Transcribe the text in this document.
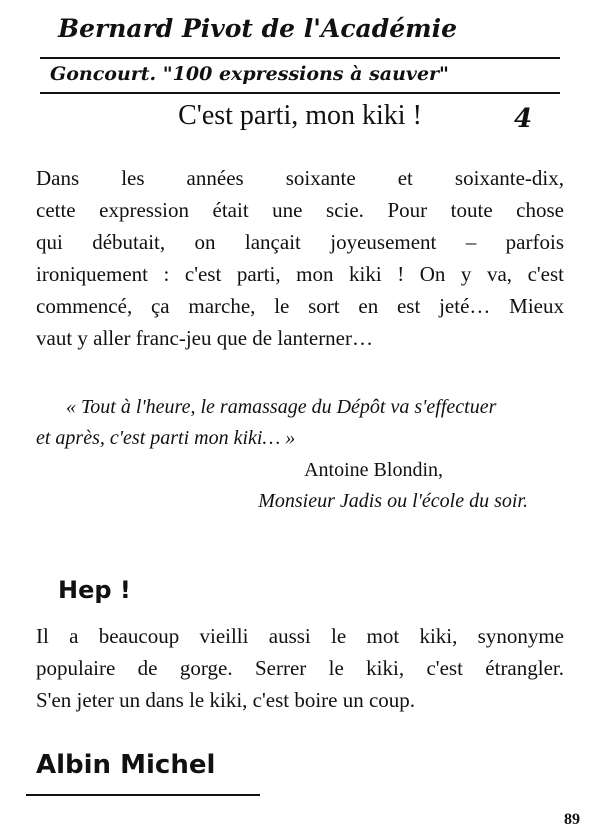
Bernard Pivot de l'Académie
Goncourt. "100 expressions à sauver"
4
C'est parti, mon kiki !
Dans les années soixante et soixante-dix,
cette expression était une scie. Pour toute chose
qui débutait, on lançait joyeusement – parfois
ironiquement : c'est parti, mon kiki ! On y va, c'est
commencé, ça marche, le sort en est jeté… Mieux
vaut y aller franc-jeu que de lanterner…
« Tout à l'heure, le ramassage du Dépôt va s'effectuer
et après, c'est parti mon kiki… »
Antoine Blondin,
Monsieur Jadis ou l'école du soir.
Hep !
Il a beaucoup vieilli aussi le mot kiki, synonyme
populaire de gorge. Serrer le kiki, c'est étrangler.
S'en jeter un dans le kiki, c'est boire un coup.
Albin Michel
89
